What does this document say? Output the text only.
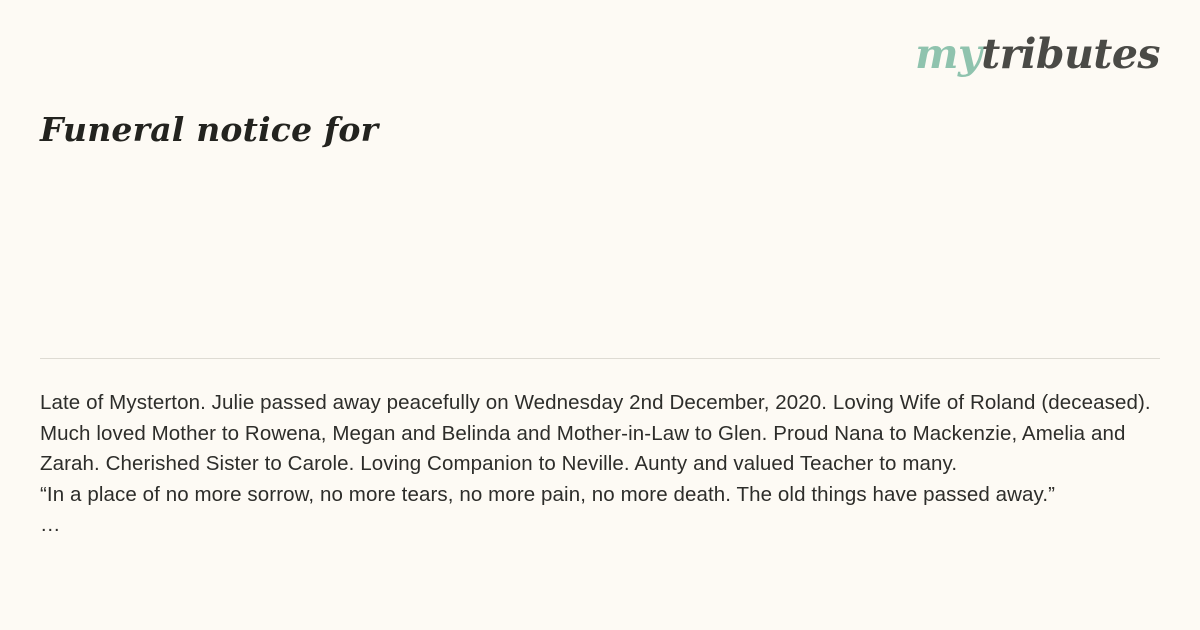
mytributes
Funeral notice for

Late of Mysterton. Julie passed away peacefully on Wednesday 2nd December, 2020. Loving Wife of Roland (deceased). Much loved Mother to Rowena, Megan and Belinda and Mother-in-Law to Glen. Proud Nana to Mackenzie, Amelia and Zarah. Cherished Sister to Carole. Loving Companion to Neville. Aunty and valued Teacher to many.

“In a place of no more sorrow, no more tears, no more pain, no more death. The old things have passed away.”

…
